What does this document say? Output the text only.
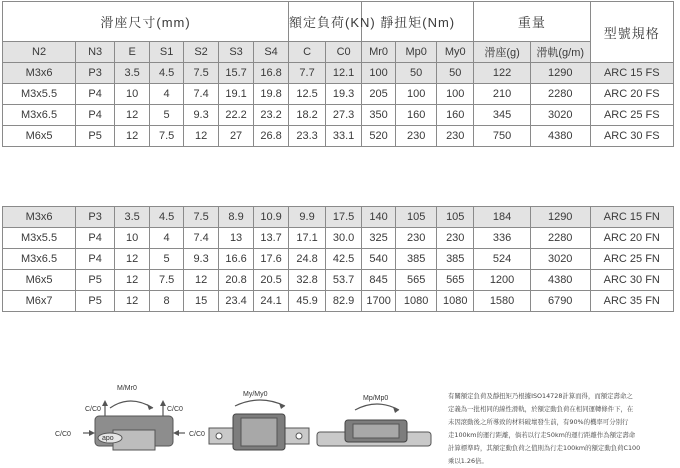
滑座尺寸(mm)							額定負荷(KN)		靜扭矩(Nm)			重量		型號規格
N2	N3	E	S1	S2	S3	S4	C	C0	Mr0	Mp0	My0	滑座(g)	滑軌(g/m)	
M3x6	P3	3.5	4.5	7.5	15.7	16.8	7.7	12.1	100	50	50	122	1290	ARC 15 FS
M3x5.5	P4	10	4	7.4	19.1	19.8	12.5	19.3	205	100	100	210	2280	ARC 20 FS
M3x6.5	P4	12	5	9.3	22.2	23.2	18.2	27.3	350	160	160	345	3020	ARC 25 FS
M6x5	P5	12	7.5	12	27	26.8	23.3	33.1	520	230	230	750	4380	ARC 30 FS
M3x6	P3	3.5	4.5	7.5	8.9	10.9	9.9	17.5	140	105	105	184	1290	ARC 15 FN
M3x5.5	P4	10	4	7.4	13	13.7	17.1	30.0	325	230	230	336	2280	ARC 20 FN
M3x6.5	P4	12	5	9.3	16.6	17.6	24.8	42.5	540	385	385	524	3020	ARC 25 FN
M6x5	P5	12	7.5	12	20.8	20.5	32.8	53.7	845	565	565	1200	4380	ARC 30 FN
M6x7	P5	12	8	15	23.4	24.1	45.9	82.9	1700	1080	1080	1580	6790	ARC 35 FN
M/Mr0
C/C0	C/C0
apo
C/C0	C/C0
My/My0
Mp/Mp0	有關額定負荷及靜扭矩乃根據ISO14728計算而得，而額定壽命之
定義為一批相同的線性滑軌，於額定動負荷在相同運轉條件下，在
未因滾動後之所導致的材料破壞發生前，有90%的機率可分別行
走100km的運行距離，倘若以行走50km的運行距離作為額定壽命
計算標準時，其額定動負荷之值則為行走100km的額定動負荷C100
乘以1.26倍。
